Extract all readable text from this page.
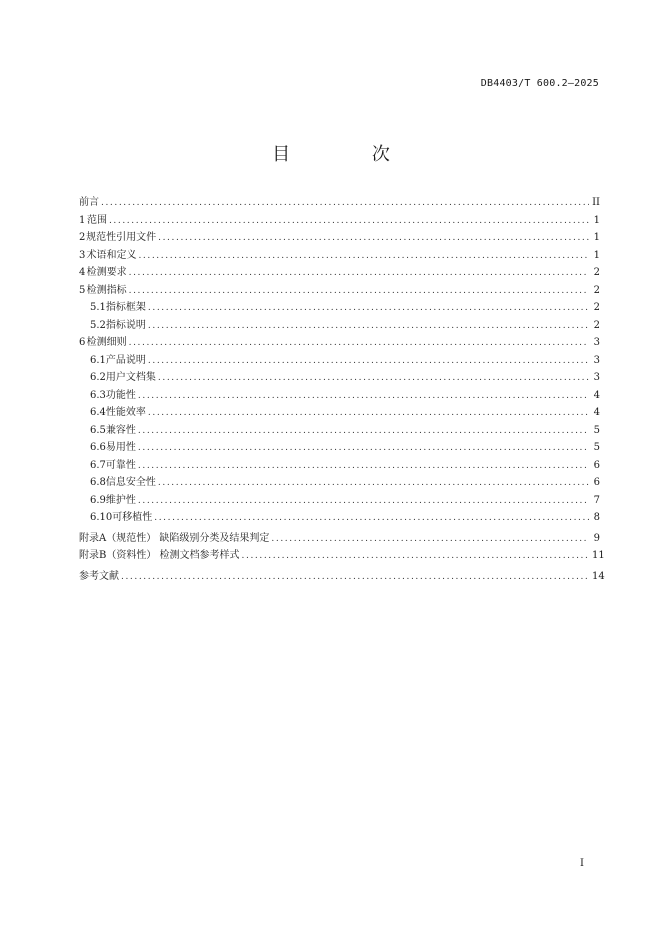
DB4403/T 600.2—2025
目 次
前言 .....	II
1 范围 .....	1
2 规范性引用文件 .....	1
3 术语和定义 .....	1
4 检测要求 .....	2
5 检测指标 .....	2
5.1 指标框架 .....	2
5.2 指标说明 .....	2
6 检测细则 .....	3
6.1 产品说明 .....	3
6.2 用户文档集 .....	3
6.3 功能性 .....	4
6.4 性能效率 .....	4
6.5 兼容性 .....	5
6.6 易用性 .....	5
6.7 可靠性 .....	6
6.8 信息安全性 .....	6
6.9 维护性 .....	7
6.10 可移植性 .....	8
附录A（规范性） 缺陷级别分类及结果判定 .....	9
附录B（资料性） 检测文档参考样式 .....	11
参考文献 .....	14
I
